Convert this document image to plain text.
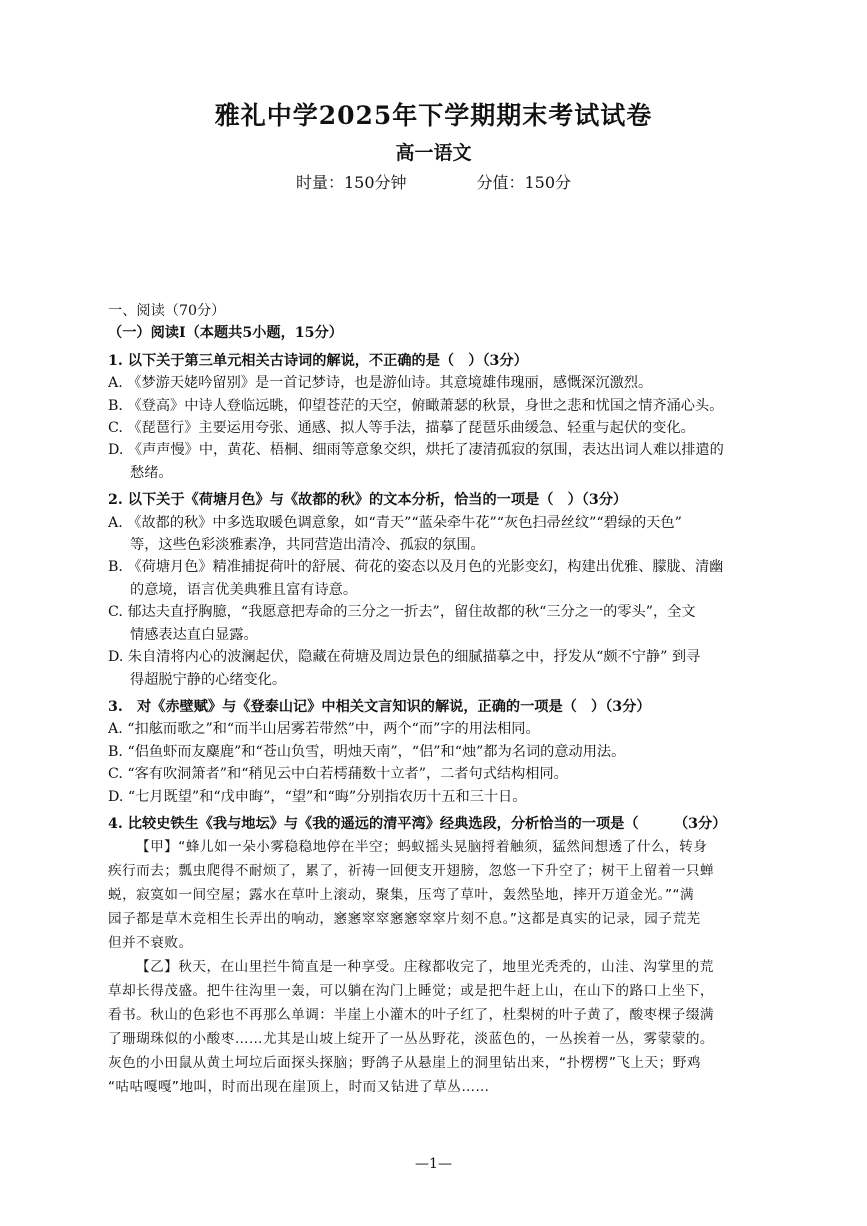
雅礼中学2025年下学期期末考试试卷
高一语文
时量：150分钟	分值：150分
一、阅读（70分）
（一）阅读Ⅰ（本题共5小题，15分）
1. 以下关于第三单元相关古诗词的解说，不正确的是（　）（3分）
A. 《梦游天姥吟留别》是一首记梦诗，也是游仙诗。其意境雄伟瑰丽，感慨深沉激烈。
B. 《登高》中诗人登临远眺，仰望苍茫的天空，俯瞰萧瑟的秋景，身世之悲和忧国之情齐涌心头。
C. 《琵琶行》主要运用夸张、通感、拟人等手法，描摹了琵琶乐曲缓急、轻重与起伏的变化。
D. 《声声慢》中，黄花、梧桐、细雨等意象交织，烘托了凄清孤寂的氛围，表达出词人难以排遣的
愁绪。
2. 以下关于《荷塘月色》与《故都的秋》的文本分析，恰当的一项是（　）（3分）
A. 《故都的秋》中多选取暖色调意象，如“青天”“蓝朵牵牛花”“灰色扫帚丝纹”“碧绿的天色”
等，这些色彩淡雅素净，共同营造出清冷、孤寂的氛围。
B. 《荷塘月色》精准捕捉荷叶的舒展、荷花的姿态以及月色的光影变幻，构建出优雅、朦胧、清幽
的意境，语言优美典雅且富有诗意。
C. 郁达夫直抒胸臆，“我愿意把寿命的三分之一折去”，留住故都的秋“三分之一的零头”，全文
情感表达直白显露。
D. 朱自清将内心的波澜起伏，隐藏在荷塘及周边景色的细腻描摹之中，抒发从“颇不宁静” 到寻
得超脱宁静的心绪变化。
3.　对《赤壁赋》与《登泰山记》中相关文言知识的解说，正确的一项是（　）（3分）
A. “扣舷而歌之”和“而半山居雾若带然”中，两个“而”字的用法相同。
B. “侣鱼虾而友麋鹿”和“苍山负雪，明烛天南”，“侣”和“烛”都为名词的意动用法。
C. “客有吹洞箫者”和“稍见云中白若樗蒱数十立者”，二者句式结构相同。
D. “七月既望”和“戊申晦”，“望”和“晦”分别指农历十五和三十日。
4. 比较史铁生《我与地坛》与《我的遥远的清平湾》经典选段，分析恰当的一项是（　　　（3分）
【甲】“蜂儿如一朵小雾稳稳地停在半空；蚂蚁摇头晃脑捋着触须，猛然间想透了什么，转身
疾行而去；瓢虫爬得不耐烦了，累了，祈祷一回便支开翅膀，忽悠一下升空了；树干上留着一只蝉
蜕，寂寞如一间空屋；露水在草叶上滚动，聚集，压弯了草叶，轰然坠地，摔开万道金光。”“满
园子都是草木竞相生长弄出的响动，窸窸窣窣窸窸窣窣片刻不息。”这都是真实的记录，园子荒芜
但并不衰败。
【乙】秋天，在山里拦牛简直是一种享受。庄稼都收完了，地里光秃秃的，山洼、沟掌里的荒
草却长得茂盛。把牛往沟里一轰，可以躺在沟门上睡觉；或是把牛赶上山，在山下的路口上坐下，
看书。秋山的色彩也不再那么单调：半崖上小灌木的叶子红了，杜梨树的叶子黄了，酸枣棵子缀满
了珊瑚珠似的小酸枣……尤其是山坡上绽开了一丛丛野花，淡蓝色的，一丛挨着一丛，雾蒙蒙的。
灰色的小田鼠从黄土坷垃后面探头探脑；野鸽子从悬崖上的洞里钻出来，“扑楞楞”飞上天；野鸡
“咕咕嘎嘎”地叫，时而出现在崖顶上，时而又钻进了草丛……
—1—
